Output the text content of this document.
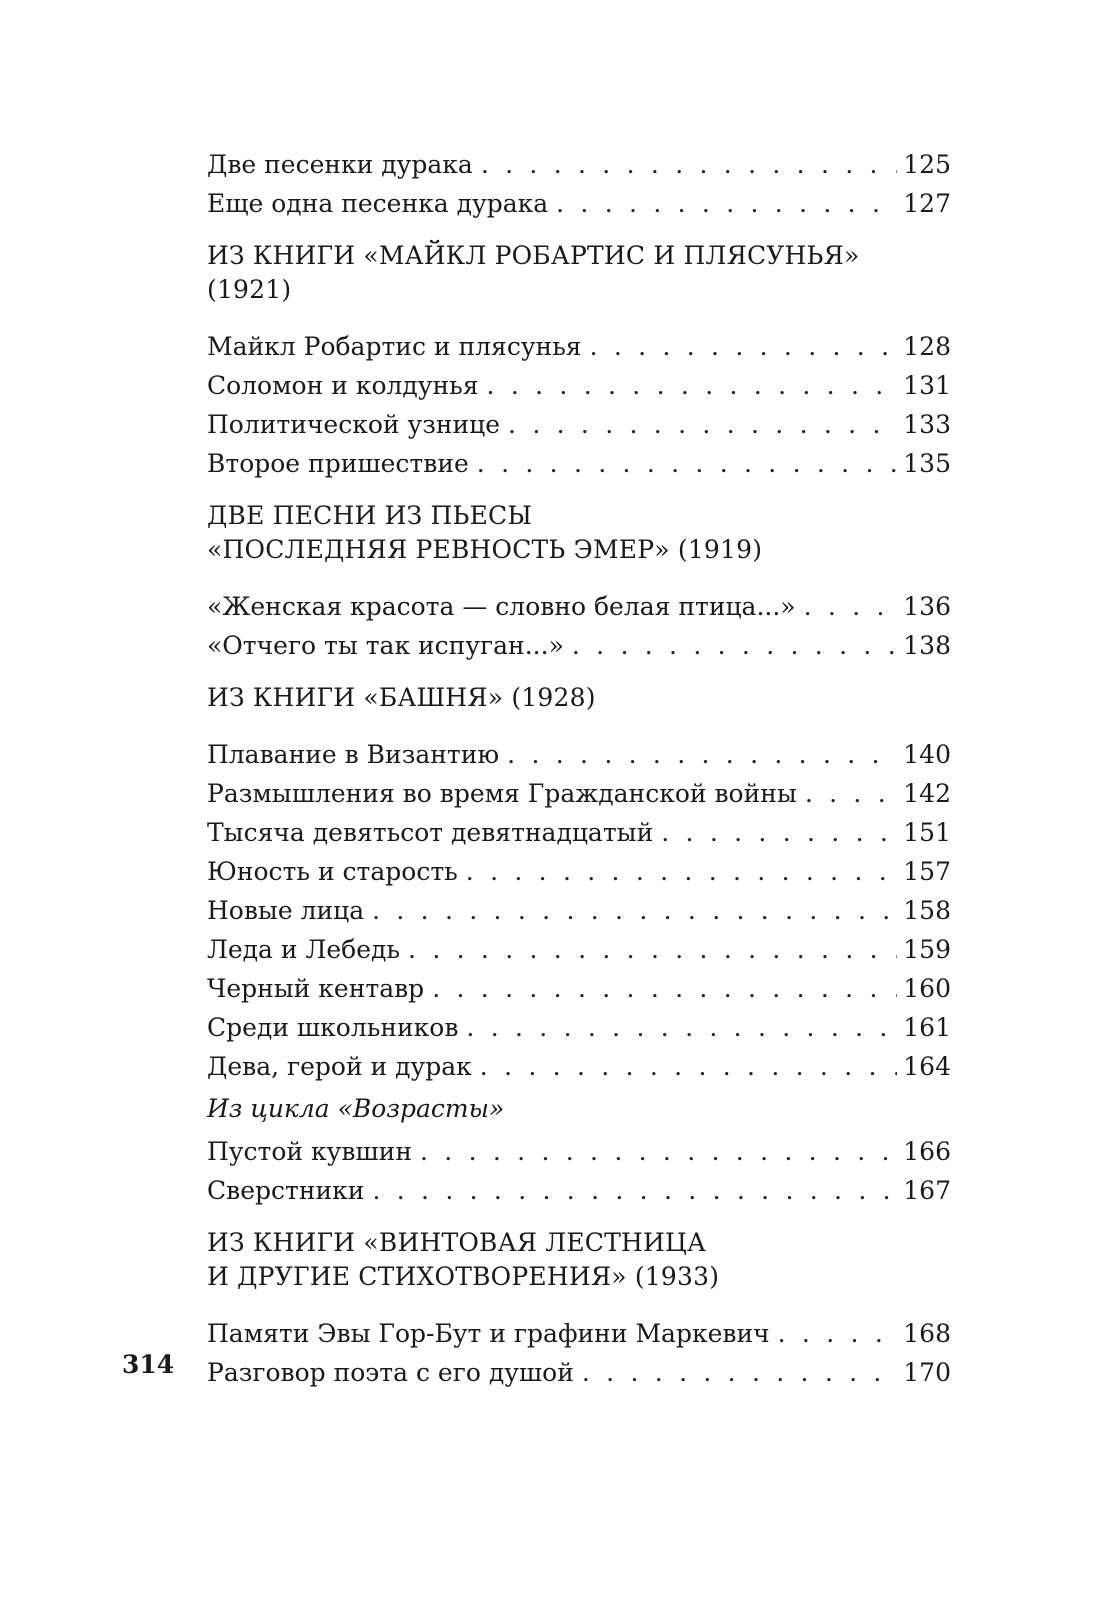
Две песенки дурака . . .	125
Еще одна песенка дурака . . .	127
ИЗ КНИГИ «МАЙКЛ РОБАРТИС И ПЛЯСУНЬЯ» (1921)
Майкл Робартис и плясунья . . .	128
Соломон и колдунья . . .	131
Политической узнице . . .	133
Второе пришествие . . .	135
ДВЕ ПЕСНИ ИЗ ПЬЕСЫ
«ПОСЛЕДНЯЯ РЕВНОСТЬ ЭМЕР» (1919)
«Женская красота — словно белая птица...» . . .	136
«Отчего ты так испуган...» . . .	138
ИЗ КНИГИ «БАШНЯ» (1928)
Плавание в Византию . . .	140
Размышления во время Гражданской войны . . .	142
Тысяча девятьсот девятнадцатый . . .	151
Юность и старость . . .	157
Новые лица . . .	158
Леда и Лебедь . . .	159
Черный кентавр . . .	160
Среди школьников . . .	161
Дева, герой и дурак . . .	164
Из цикла «Возрасты»
Пустой кувшин . . .	166
Сверстники . . .	167
ИЗ КНИГИ «ВИНТОВАЯ ЛЕСТНИЦА
И ДРУГИЕ СТИХОТВОРЕНИЯ» (1933)
Памяти Эвы Гор-Бут и графини Маркевич . . .	168
Разговор поэта с его душой . . .	170
314
